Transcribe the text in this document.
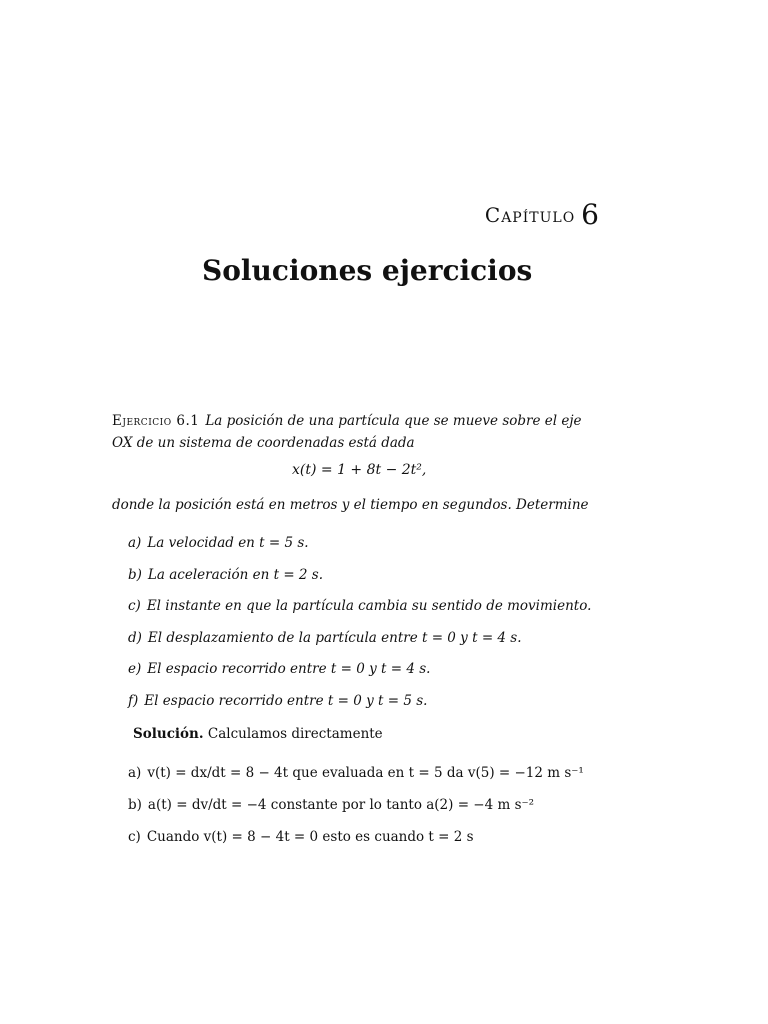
Capítulo 6
Soluciones ejercicios
Ejercicio 6.1 La posición de una partícula que se mueve sobre el eje OX de un sistema de coordenadas está dada
x(t) = 1 + 8t − 2t²,
donde la posición está en metros y el tiempo en segundos. Determine
a) La velocidad en t = 5 s.
b) La aceleración en t = 2 s.
c) El instante en que la partícula cambia su sentido de movimiento.
d) El desplazamiento de la partícula entre t = 0 y t = 4 s.
e) El espacio recorrido entre t = 0 y t = 4 s.
f) El espacio recorrido entre t = 0 y t = 5 s.
Solución. Calculamos directamente
a) v(t) = dx/dt = 8 − 4t que evaluada en t = 5 da v(5) = −12 m s⁻¹
b) a(t) = dv/dt = −4 constante por lo tanto a(2) = −4 m s⁻²
c) Cuando v(t) = 8 − 4t = 0 esto es cuando t = 2 s
